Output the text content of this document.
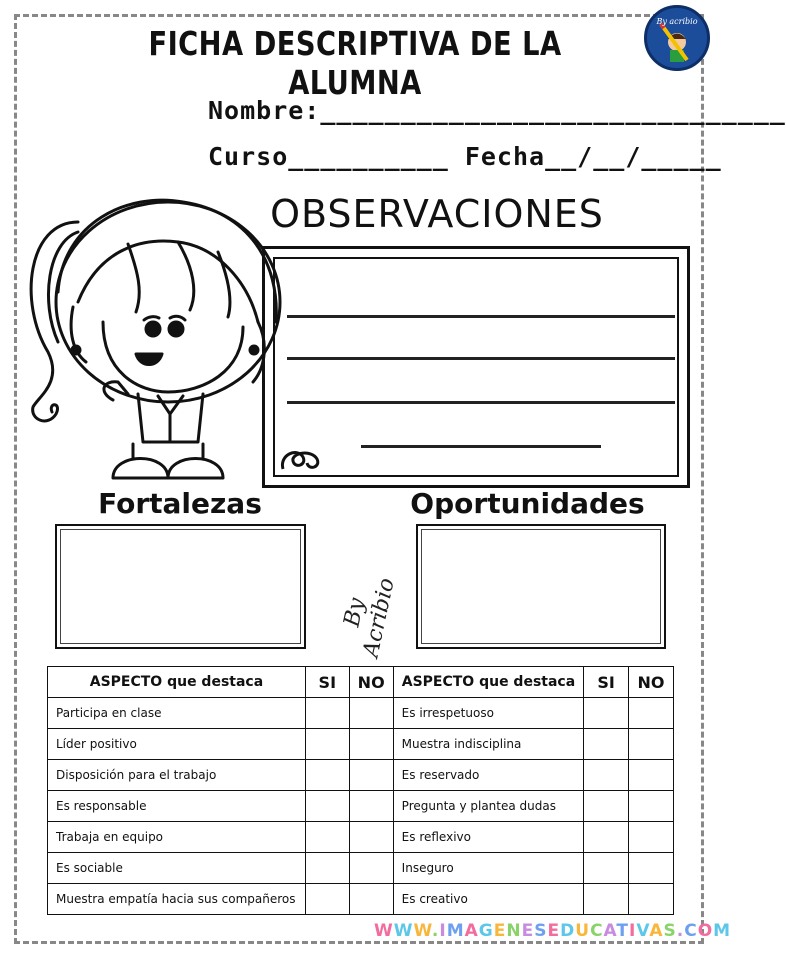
FICHA DESCRIPTIVA DE LA ALUMNA
By acribio
Nombre:_____________________________
Curso__________ Fecha__/__/_____
OBSERVACIONES
Fortalezas	Oportunidades
By Acribio
ASPECTO que destaca	SI	NO	ASPECTO que destaca	SI	NO
Participa en clase			Es irrespetuoso		
Líder positivo			Muestra indisciplina		
Disposición para el trabajo			Es reservado		
Es responsable			Pregunta y plantea dudas		
Trabaja en equipo			Es reflexivo		
Es sociable			Inseguro		
Muestra empatía hacia sus compañeros			Es creativo		
WWW.IMAGENESEDUCATIVAS.COM
